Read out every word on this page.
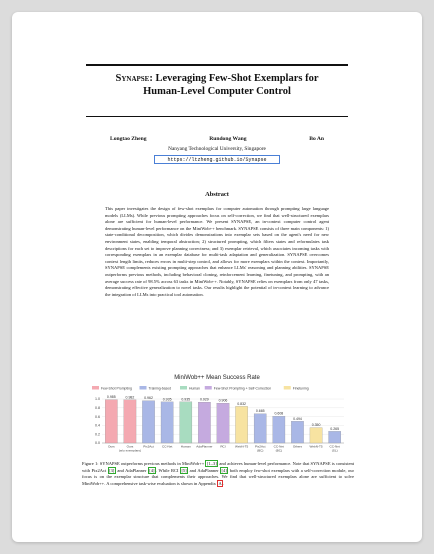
Synapse: Leveraging Few-Shot Exemplars for
Human-Level Computer Control
Longtao Zheng	Rundong Wang	Bo An
Nanyang Technological University, Singapore
https://ltzheng.github.io/Synapse
Abstract
This paper investigates the design of few-shot exemplars for computer automation through prompting large language models (LLMs). While previous prompting approaches focus on self-correction, we find that well-structured exemplars alone are sufficient for human-level performance. We present SYNAPSE, an in-context computer control agent demonstrating human-level performance on the MiniWob++ benchmark. SYNAPSE consists of three main components: 1) state-conditional decomposition, which divides demonstrations into exemplar sets based on the agent's need for new environment states, enabling temporal abstraction; 2) structured prompting, which filters states and reformulates task descriptions for each set to improve planning correctness; and 3) exemplar retrieval, which associates incoming tasks with corresponding exemplars in an exemplar database for multi-task adaptation and generalization. SYNAPSE overcomes context length limits, reduces errors in multi-step control, and allows for more exemplars within the context. Importantly, SYNAPSE complements existing prompting approaches that enhance LLMs' reasoning and planning abilities. SYNAPSE outperforms previous methods, including behavioral cloning, reinforcement learning, finetuning, and prompting, with an average success rate of 98.5% across 63 tasks in MiniWob++. Notably, SYNAPSE relies on exemplars from only 47 tasks, demonstrating effective generalization to novel tasks. Our results highlight the potential of in-context learning to advance the integration of LLMs into practical tool automation.
MiniWob++ Mean Success Rate
Few-Shot Prompting	Training-based	Human	Few-Shot Prompting + Self-Correction	Finetuning
0.0
0.2
0.4
0.6
0.8
1.0
0.985
Ours
0.982
Ours
(w/o exemplars)
0.962
Pix2Act
0.935
CC-Net
0.935
Human
0.929
AdaPlanner
0.906
RCI
0.832
WebN-T5
0.665
Pix2Act
(BC)
0.608
CC-Net
(BC)
0.494
Others
0.350
WebN-T5
0.265
CC-Net
(SL)
Figure 1: SYNAPSE outperforms previous methods in MiniWob++ [1–3] and achieves human-level performance. Note that SYNAPSE is consistent with Pix2Act [3] and AdaPlanner [4] . While RCI [5] and AdaPlanner [4] both employ few-shot exemplars with a self-correction module, our focus is on the exemplar structure that complements their approaches. We find that well-structured exemplars alone are sufficient to solve MiniWob++. A comprehensive task-wise evaluation is shown in Appendix A .
